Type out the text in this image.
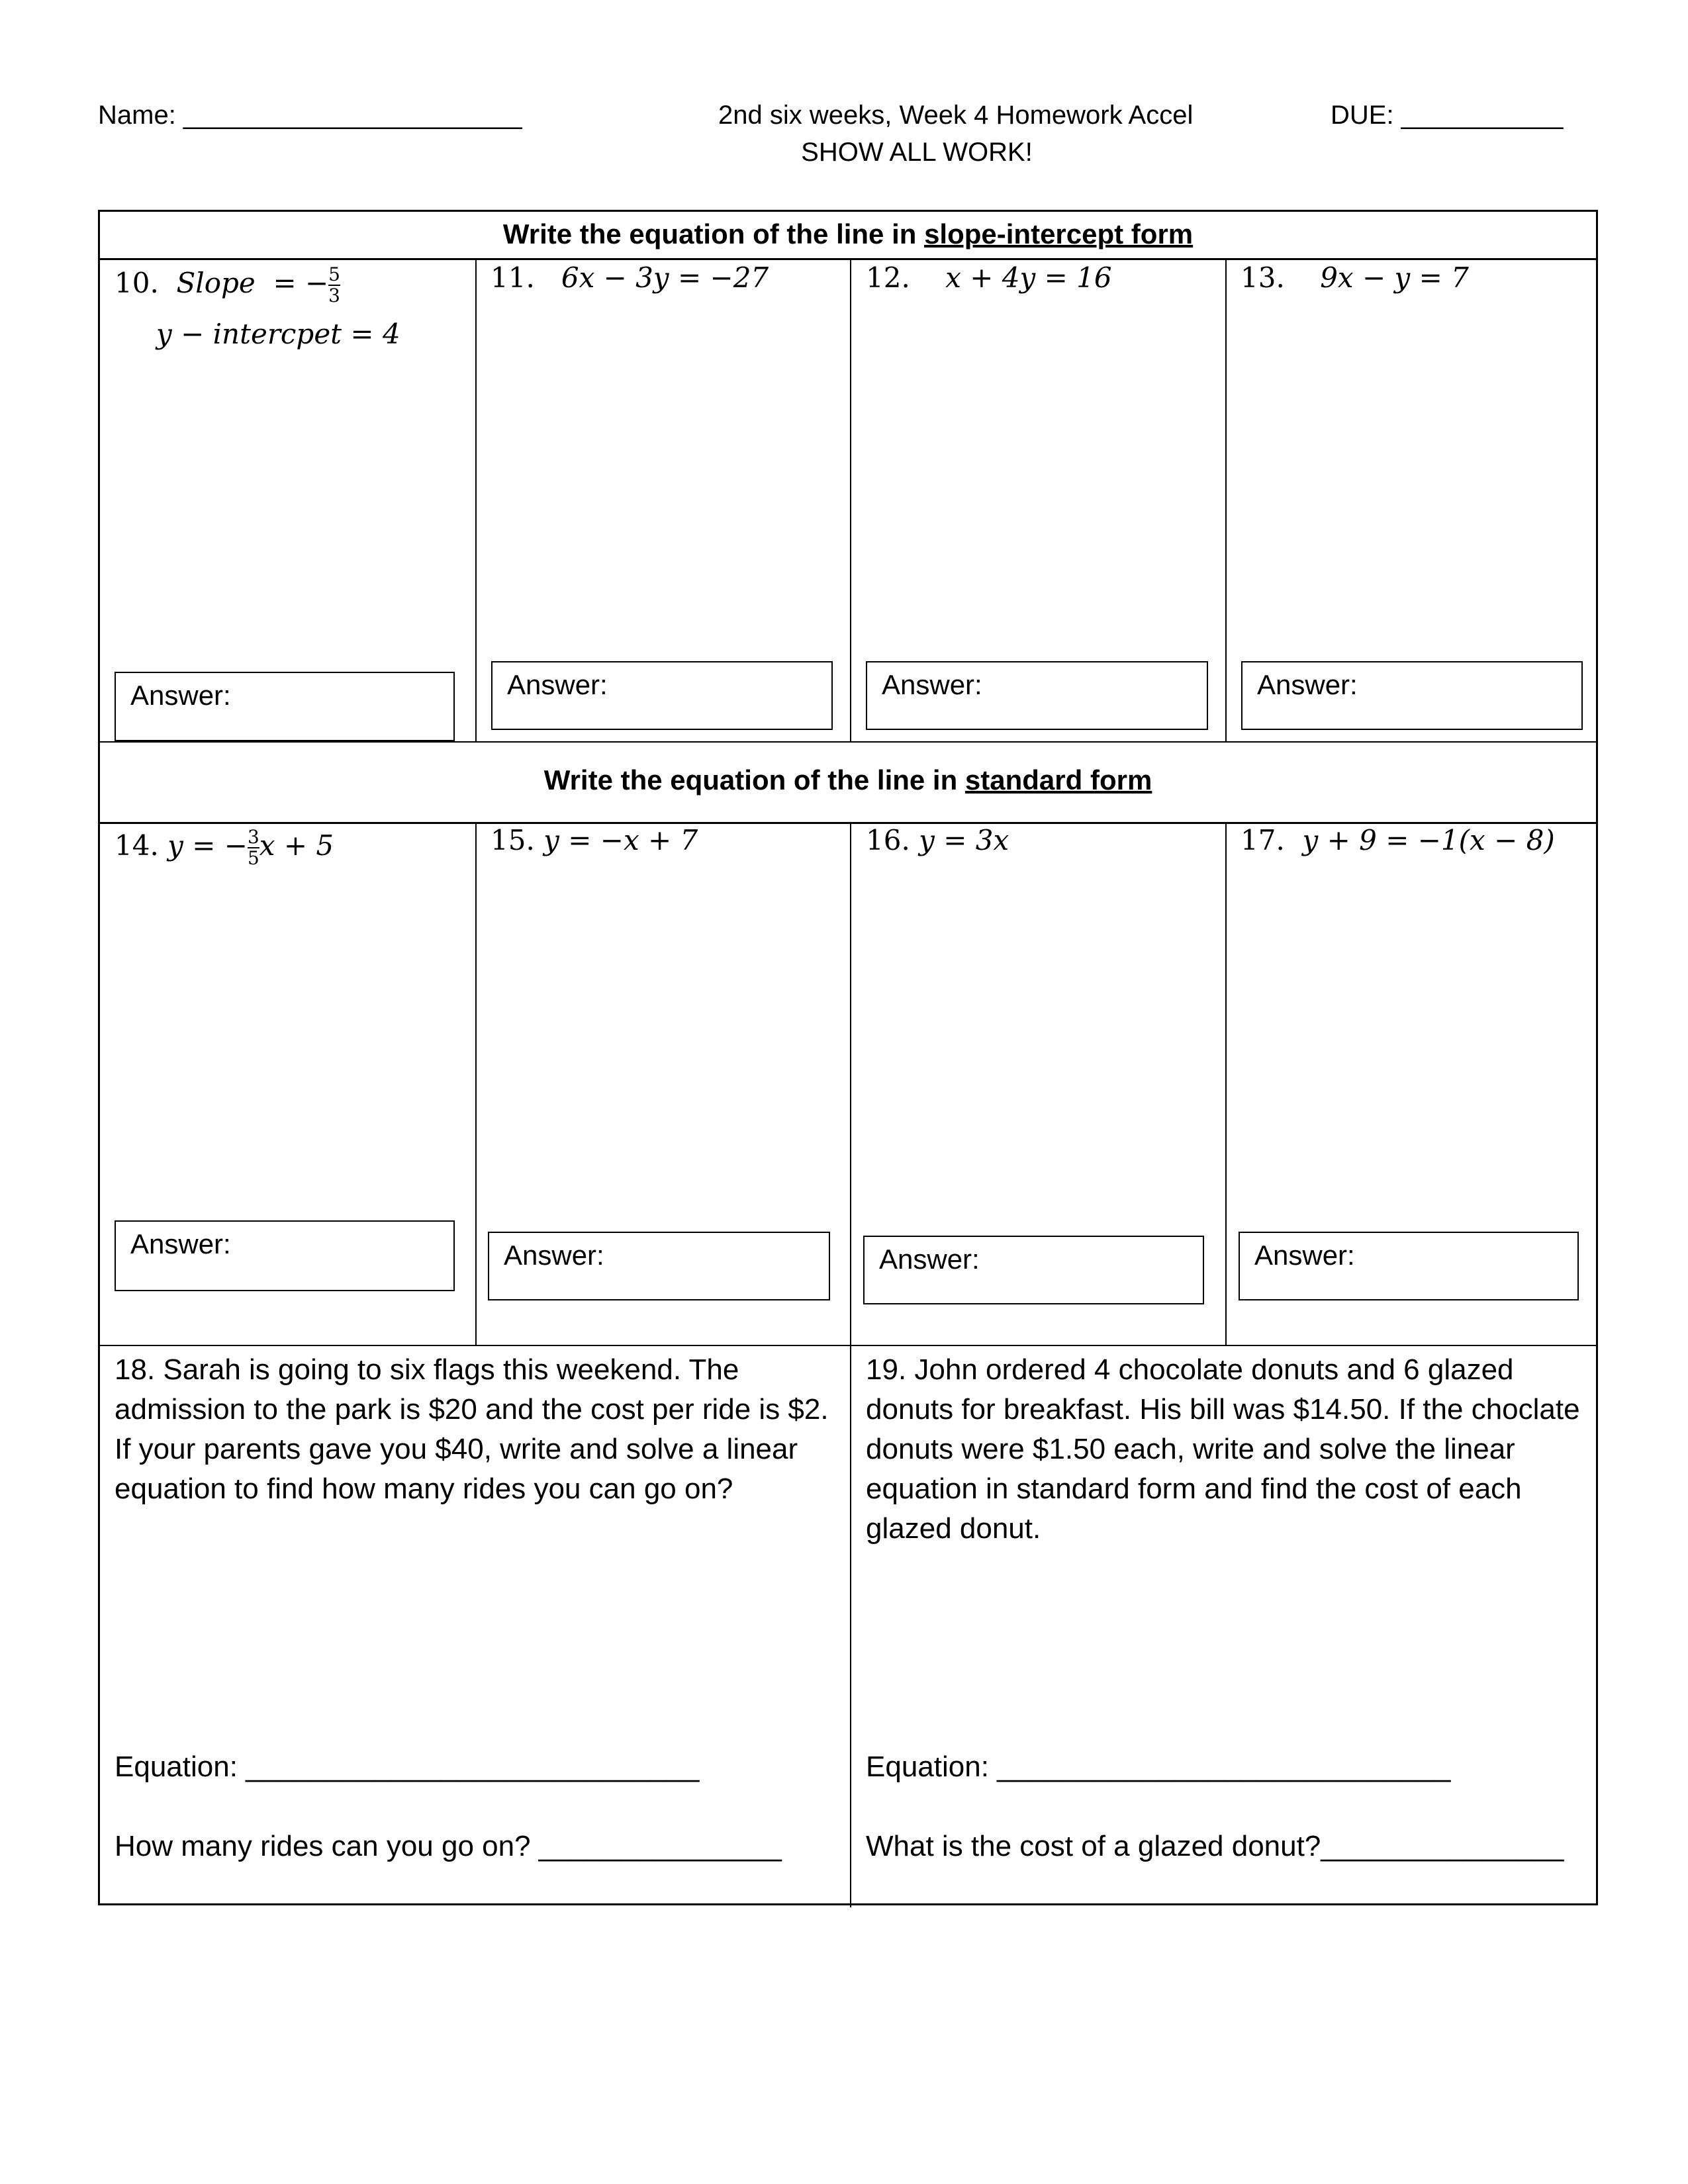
Name: _______________________	2nd six weeks, Week 4 Homework Accel	DUE: ___________
SHOW ALL WORK!
Write the equation of the line in slope-intercept form
Write the equation of the line in standard form
10. Slope = − $\frac{5}{3}$
y − intercpet = 4
11. 6x − 3y = −27	12. x + 4y = 16	13. 9x − y = 7
Answer:	Answer:	Answer:	Answer:
14. y = − $\frac{3}{5}$ x + 5	15. y = −x + 7	16. y = 3x	17. y + 9 = −1(x − 8)
Answer:	Answer:	Answer:	Answer:
18. Sarah is going to six flags this weekend. The admission to the park is $20 and the cost per ride is $2. If your parents gave you $40, write and solve a linear equation to find how many rides you can go on?
Equation: ____________________________
How many rides can you go on? _______________
19. John ordered 4 chocolate donuts and 6 glazed donuts for breakfast. His bill was $14.50. If the choclate donuts were $1.50 each, write and solve the linear equation in standard form and find the cost of each glazed donut.
Equation: ____________________________
What is the cost of a glazed donut?_______________
